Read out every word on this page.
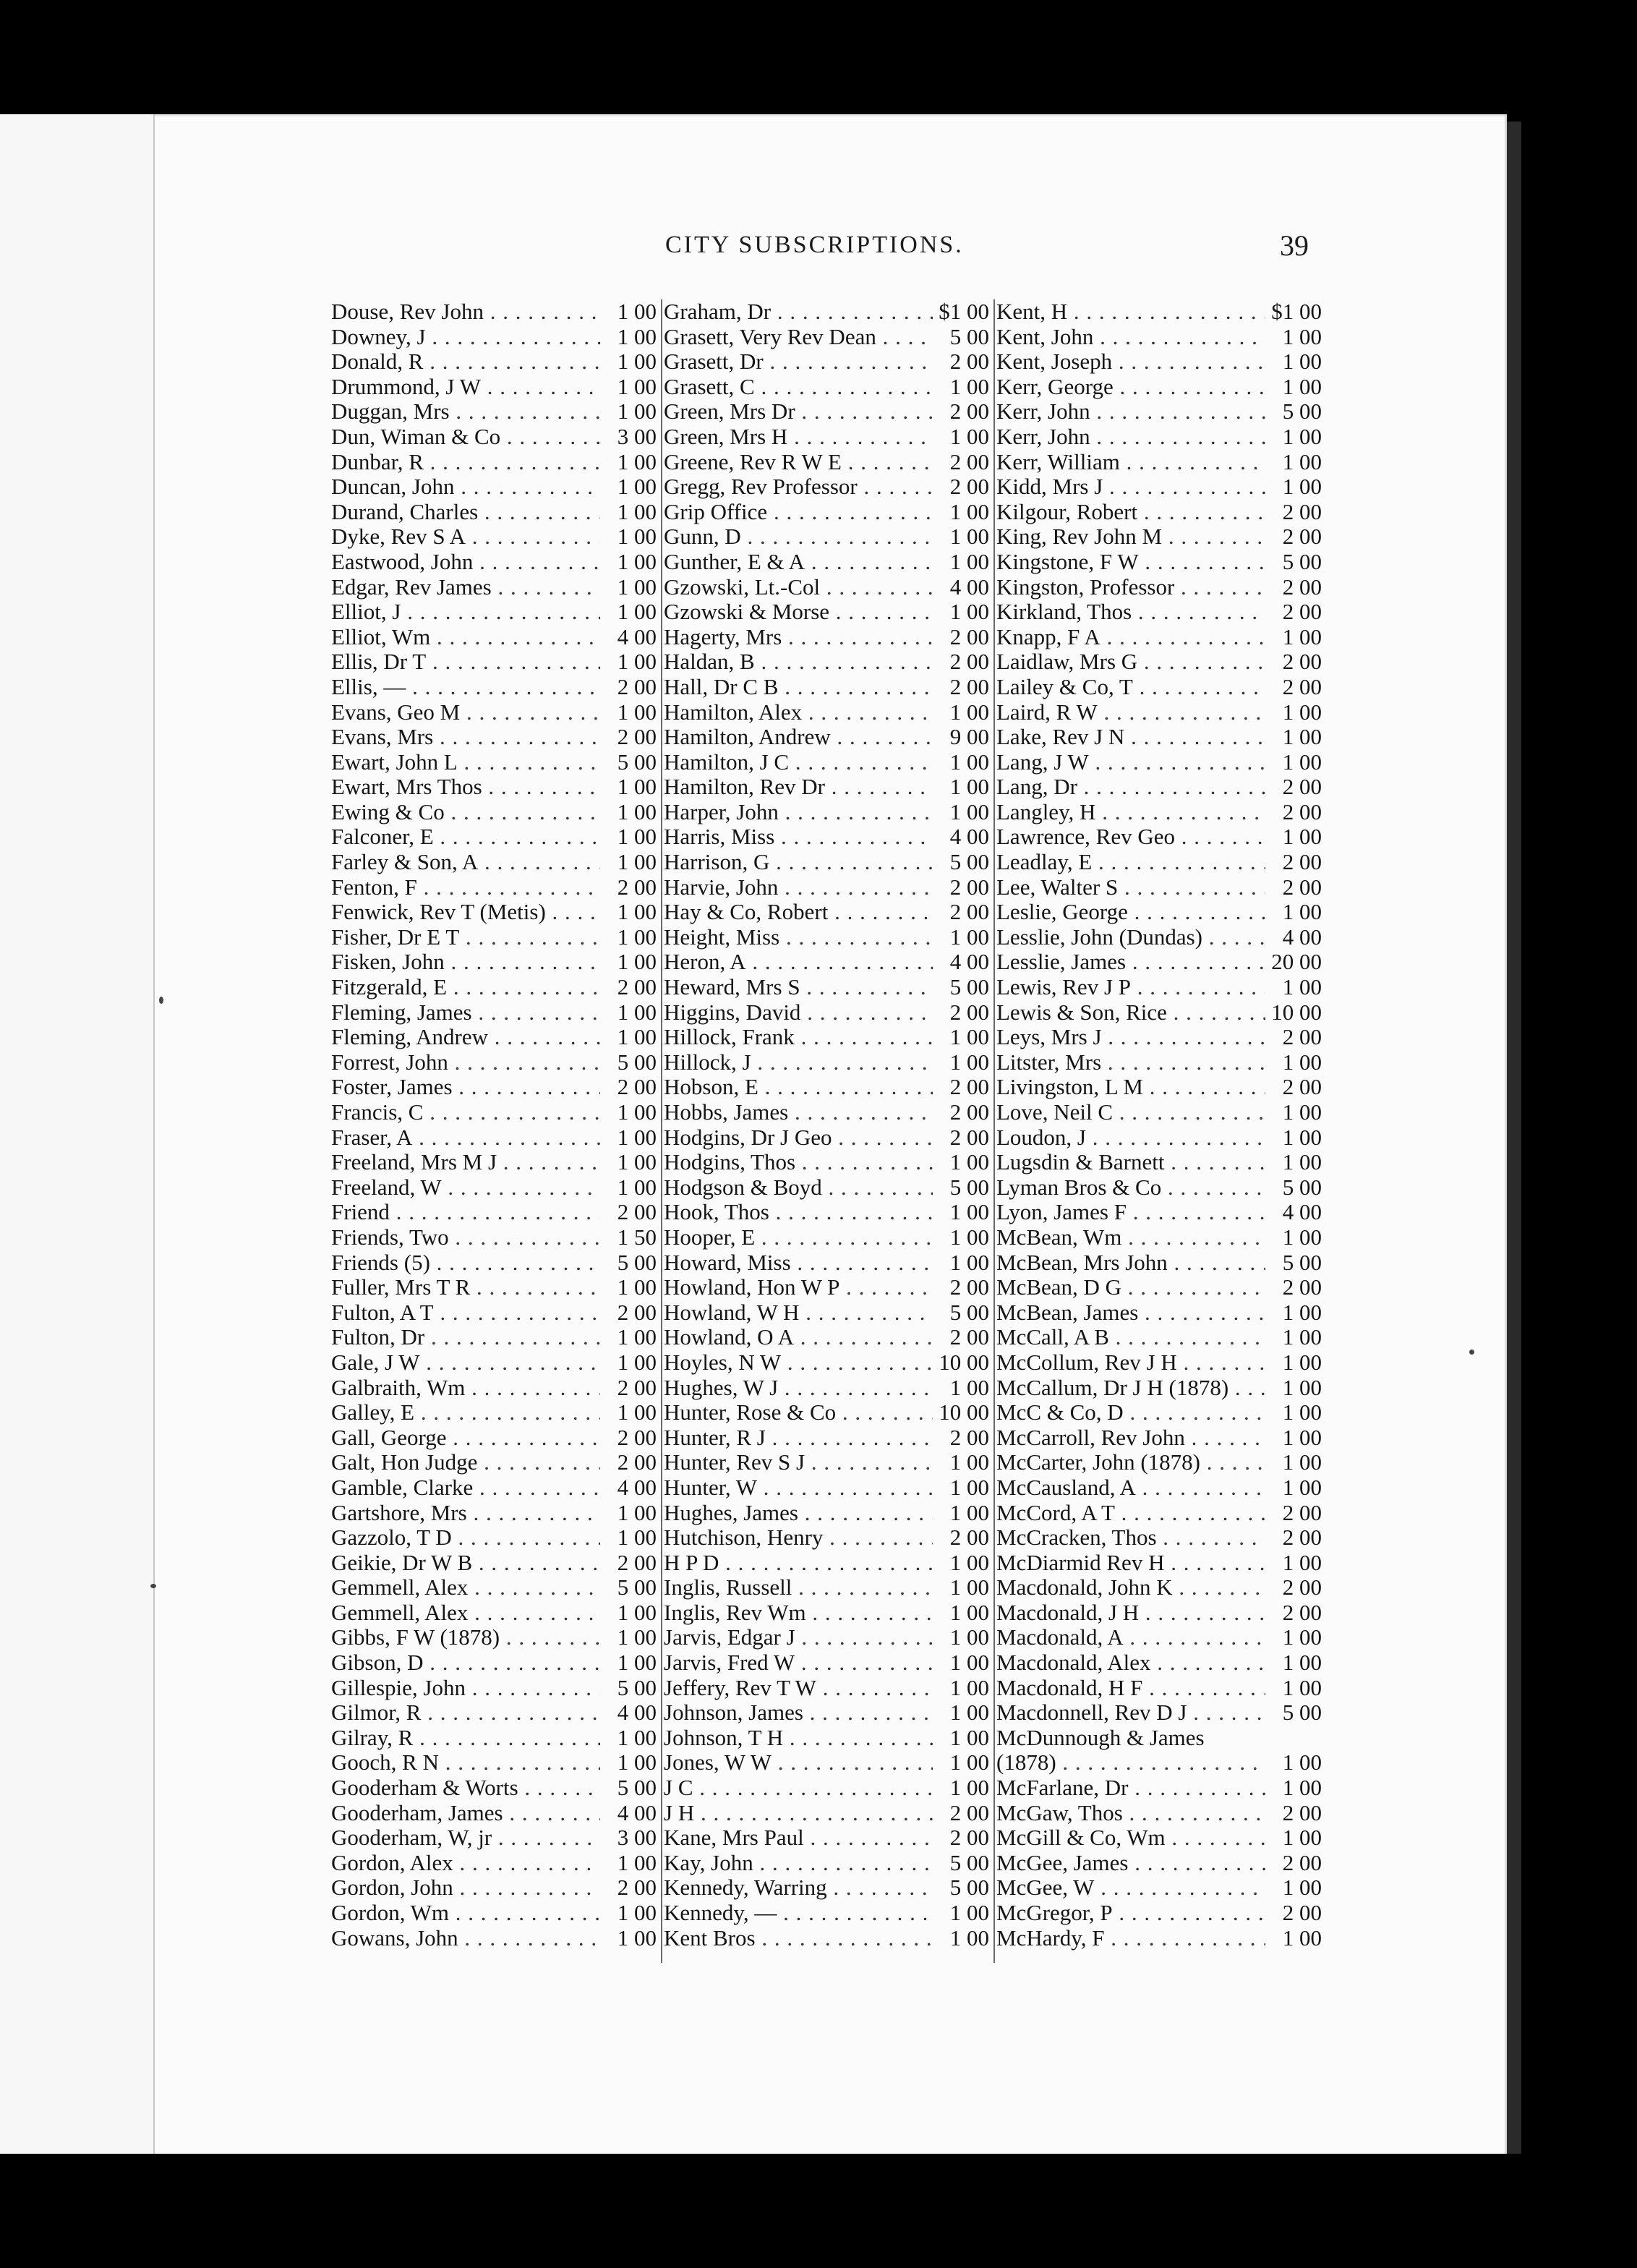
CITY SUBSCRIPTIONS.	39
Douse, Rev John . . .	1 00
Downey, J . . .	1 00
Donald, R . . .	1 00
Drummond, J W . . .	1 00
Duggan, Mrs . . .	1 00
Dun, Wiman & Co . . .	3 00
Dunbar, R . . .	1 00
Duncan, John . . .	1 00
Durand, Charles . . .	1 00
Dyke, Rev S A . . .	1 00
Eastwood, John . . .	1 00
Edgar, Rev James . . .	1 00
Elliot, J . . .	1 00
Elliot, Wm . . .	4 00
Ellis, Dr T . . .	1 00
Ellis, — . . .	2 00
Evans, Geo M . . .	1 00
Evans, Mrs . . .	2 00
Ewart, John L . . .	5 00
Ewart, Mrs Thos . . .	1 00
Ewing & Co . . .	1 00
Falconer, E . . .	1 00
Farley & Son, A . . .	1 00
Fenton, F . . .	2 00
Fenwick, Rev T (Metis) . . .	1 00
Fisher, Dr E T . . .	1 00
Fisken, John . . .	1 00
Fitzgerald, E . . .	2 00
Fleming, James . . .	1 00
Fleming, Andrew . . .	1 00
Forrest, John . . .	5 00
Foster, James . . .	2 00
Francis, C . . .	1 00
Fraser, A . . .	1 00
Freeland, Mrs M J . . .	1 00
Freeland, W . . .	1 00
Friend . . .	2 00
Friends, Two . . .	1 50
Friends (5) . . .	5 00
Fuller, Mrs T R . . .	1 00
Fulton, A T . . .	2 00
Fulton, Dr . . .	1 00
Gale, J W . . .	1 00
Galbraith, Wm . . .	2 00
Galley, E . . .	1 00
Gall, George . . .	2 00
Galt, Hon Judge . . .	2 00
Gamble, Clarke . . .	4 00
Gartshore, Mrs . . .	1 00
Gazzolo, T D . . .	1 00
Geikie, Dr W B . . .	2 00
Gemmell, Alex . . .	5 00
Gemmell, Alex . . .	1 00
Gibbs, F W (1878) . . .	1 00
Gibson, D . . .	1 00
Gillespie, John . . .	5 00
Gilmor, R . . .	4 00
Gilray, R . . .	1 00
Gooch, R N . . .	1 00
Gooderham & Worts . . .	5 00
Gooderham, James . . .	4 00
Gooderham, W, jr . . .	3 00
Gordon, Alex . . .	1 00
Gordon, John . . .	2 00
Gordon, Wm . . .	1 00
Gowans, John . . .	1 00
Graham, Dr . . .	$1 00
Grasett, Very Rev Dean . . .	5 00
Grasett, Dr . . .	2 00
Grasett, C . . .	1 00
Green, Mrs Dr . . .	2 00
Green, Mrs H . . .	1 00
Greene, Rev R W E . . .	2 00
Gregg, Rev Professor . . .	2 00
Grip Office . . .	1 00
Gunn, D . . .	1 00
Gunther, E & A . . .	1 00
Gzowski, Lt.-Col . . .	4 00
Gzowski & Morse . . .	1 00
Hagerty, Mrs . . .	2 00
Haldan, B . . .	2 00
Hall, Dr C B . . .	2 00
Hamilton, Alex . . .	1 00
Hamilton, Andrew . . .	9 00
Hamilton, J C . . .	1 00
Hamilton, Rev Dr . . .	1 00
Harper, John . . .	1 00
Harris, Miss . . .	4 00
Harrison, G . . .	5 00
Harvie, John . . .	2 00
Hay & Co, Robert . . .	2 00
Height, Miss . . .	1 00
Heron, A . . .	4 00
Heward, Mrs S . . .	5 00
Higgins, David . . .	2 00
Hillock, Frank . . .	1 00
Hillock, J . . .	1 00
Hobson, E . . .	2 00
Hobbs, James . . .	2 00
Hodgins, Dr J Geo . . .	2 00
Hodgins, Thos . . .	1 00
Hodgson & Boyd . . .	5 00
Hook, Thos . . .	1 00
Hooper, E . . .	1 00
Howard, Miss . . .	1 00
Howland, Hon W P . . .	2 00
Howland, W H . . .	5 00
Howland, O A . . .	2 00
Hoyles, N W . . .	10 00
Hughes, W J . . .	1 00
Hunter, Rose & Co . . .	10 00
Hunter, R J . . .	2 00
Hunter, Rev S J . . .	1 00
Hunter, W . . .	1 00
Hughes, James . . .	1 00
Hutchison, Henry . . .	2 00
H P D . . .	1 00
Inglis, Russell . . .	1 00
Inglis, Rev Wm . . .	1 00
Jarvis, Edgar J . . .	1 00
Jarvis, Fred W . . .	1 00
Jeffery, Rev T W . . .	1 00
Johnson, James . . .	1 00
Johnson, T H . . .	1 00
Jones, W W . . .	1 00
J C . . .	1 00
J H . . .	2 00
Kane, Mrs Paul . . .	2 00
Kay, John . . .	5 00
Kennedy, Warring . . .	5 00
Kennedy, — . . .	1 00
Kent Bros . . .	1 00
Kent, H . . .	$1 00
Kent, John . . .	1 00
Kent, Joseph . . .	1 00
Kerr, George . . .	1 00
Kerr, John . . .	5 00
Kerr, John . . .	1 00
Kerr, William . . .	1 00
Kidd, Mrs J . . .	1 00
Kilgour, Robert . . .	2 00
King, Rev John M . . .	2 00
Kingstone, F W . . .	5 00
Kingston, Professor . . .	2 00
Kirkland, Thos . . .	2 00
Knapp, F A . . .	1 00
Laidlaw, Mrs G . . .	2 00
Lailey & Co, T . . .	2 00
Laird, R W . . .	1 00
Lake, Rev J N . . .	1 00
Lang, J W . . .	1 00
Lang, Dr . . .	2 00
Langley, H . . .	2 00
Lawrence, Rev Geo . . .	1 00
Leadlay, E . . .	2 00
Lee, Walter S . . .	2 00
Leslie, George . . .	1 00
Lesslie, John (Dundas) . . .	4 00
Lesslie, James . . .	20 00
Lewis, Rev J P . . .	1 00
Lewis & Son, Rice . . .	10 00
Leys, Mrs J . . .	2 00
Litster, Mrs . . .	1 00
Livingston, L M . . .	2 00
Love, Neil C . . .	1 00
Loudon, J . . .	1 00
Lugsdin & Barnett . . .	1 00
Lyman Bros & Co . . .	5 00
Lyon, James F . . .	4 00
McBean, Wm . . .	1 00
McBean, Mrs John . . .	5 00
McBean, D G . . .	2 00
McBean, James . . .	1 00
McCall, A B . . .	1 00
McCollum, Rev J H . . .	1 00
McCallum, Dr J H (1878) . . .	1 00
McC & Co, D . . .	1 00
McCarroll, Rev John . . .	1 00
McCarter, John (1878) . . .	1 00
McCausland, A . . .	1 00
McCord, A T . . .	2 00
McCracken, Thos . . .	2 00
McDiarmid Rev H . . .	1 00
Macdonald, John K . . .	2 00
Macdonald, J H . . .	2 00
Macdonald, A . . .	1 00
Macdonald, Alex . . .	1 00
Macdonald, H F . . .	1 00
Macdonnell, Rev D J . . .	5 00
McDunnough & James
(1878) . . .	1 00
McFarlane, Dr . . .	1 00
McGaw, Thos . . .	2 00
McGill & Co, Wm . . .	1 00
McGee, James . . .	2 00
McGee, W . . .	1 00
McGregor, P . . .	2 00
McHardy, F . . .	1 00
